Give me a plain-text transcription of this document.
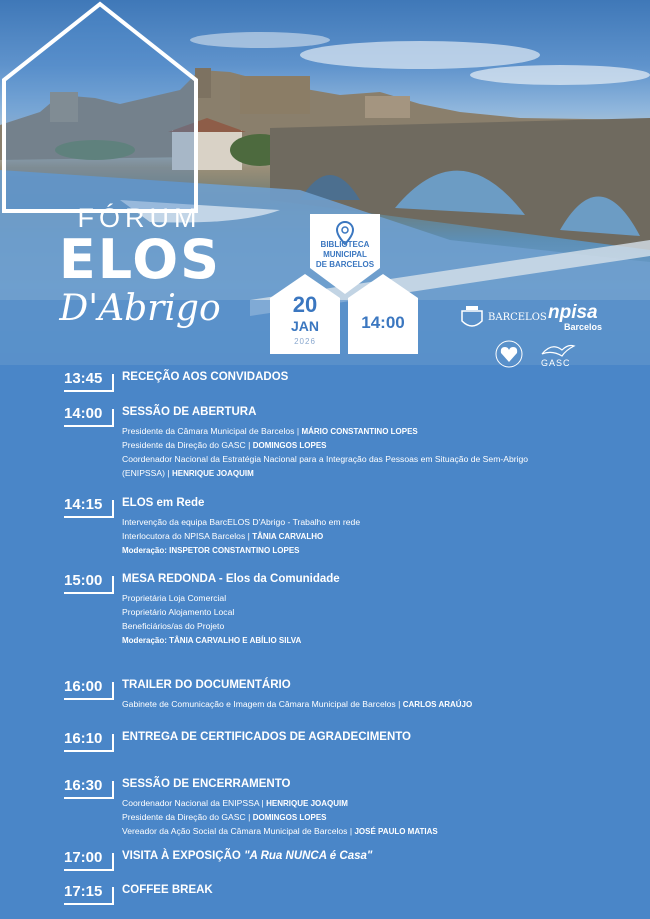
FÓRUM
ELOS
D'Abrigo
BIBLIOTECA
MUNICIPAL
DE BARCELOS
20
JAN
2026
14:00	BARCELOS npisa
Barcelos
GASC
13:45	RECEÇÃO AOS CONVIDADOS
14:00	SESSÃO DE ABERTURA
Presidente da Câmara Municipal de Barcelos | MÁRIO CONSTANTINO LOPES
Presidente da Direção do GASC | DOMINGOS LOPES
Coordenador Nacional da Estratégia Nacional para a Integração das Pessoas em Situação de Sem-Abrigo (ENIPSSA) | HENRIQUE JOAQUIM
14:15	ELOS em Rede
Intervenção da equipa BarcELOS D'Abrigo - Trabalho em rede
Interlocutora do NPISA Barcelos | TÂNIA CARVALHO
Moderação: INSPETOR CONSTANTINO LOPES
15:00	MESA REDONDA - Elos da Comunidade
Proprietária Loja Comercial
Proprietário Alojamento Local
Beneficiários/as do Projeto
Moderação: TÂNIA CARVALHO E ABÍLIO SILVA
16:00	TRAILER DO DOCUMENTÁRIO
Gabinete de Comunicação e Imagem da Câmara Municipal de Barcelos | CARLOS ARAÚJO
16:10	ENTREGA DE CERTIFICADOS DE AGRADECIMENTO
16:30	SESSÃO DE ENCERRAMENTO
Coordenador Nacional da ENIPSSA | HENRIQUE JOAQUIM
Presidente da Direção do GASC | DOMINGOS LOPES
Vereador da Ação Social da Câmara Municipal de Barcelos | JOSÉ PAULO MATIAS
17:00	VISITA À EXPOSIÇÃO "A Rua NUNCA é Casa"
17:15	COFFEE BREAK
